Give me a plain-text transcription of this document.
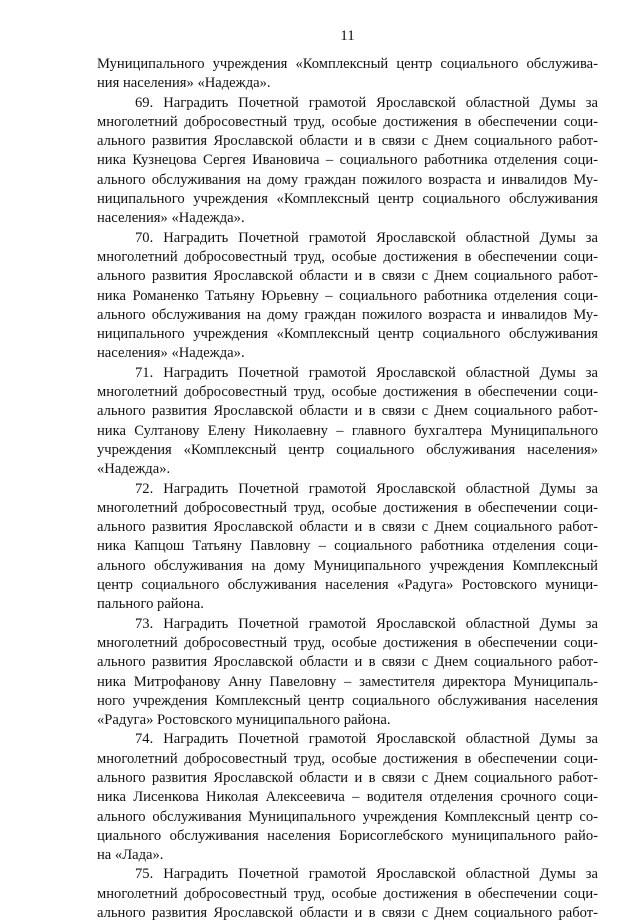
11
Муниципального учреждения «Комплексный центр социального обслужива-
ния населения» «Надежда».
69. Наградить Почетной грамотой Ярославской областной Думы за
многолетний добросовестный труд, особые достижения в обеспечении соци-
ального развития Ярославской области и в связи с Днем социального работ-
ника Кузнецова Сергея Ивановича – социального работника отделения соци-
ального обслуживания на дому граждан пожилого возраста и инвалидов Му-
ниципального учреждения «Комплексный центр социального обслуживания
населения» «Надежда».
70. Наградить Почетной грамотой Ярославской областной Думы за
многолетний добросовестный труд, особые достижения в обеспечении соци-
ального развития Ярославской области и в связи с Днем социального работ-
ника Романенко Татьяну Юрьевну – социального работника отделения соци-
ального обслуживания на дому граждан пожилого возраста и инвалидов Му-
ниципального учреждения «Комплексный центр социального обслуживания
населения» «Надежда».
71. Наградить Почетной грамотой Ярославской областной Думы за
многолетний добросовестный труд, особые достижения в обеспечении соци-
ального развития Ярославской области и в связи с Днем социального работ-
ника Султанову Елену Николаевну – главного бухгалтера Муниципального
учреждения «Комплексный центр социального обслуживания населения»
«Надежда».
72. Наградить Почетной грамотой Ярославской областной Думы за
многолетний добросовестный труд, особые достижения в обеспечении соци-
ального развития Ярославской области и в связи с Днем социального работ-
ника Капцош Татьяну Павловну – социального работника отделения соци-
ального обслуживания на дому Муниципального учреждения Комплексный
центр социального обслуживания населения «Радуга» Ростовского муници-
пального района.
73. Наградить Почетной грамотой Ярославской областной Думы за
многолетний добросовестный труд, особые достижения в обеспечении соци-
ального развития Ярославской области и в связи с Днем социального работ-
ника Митрофанову Анну Павеловну – заместителя директора Муниципаль-
ного учреждения Комплексный центр социального обслуживания населения
«Радуга» Ростовского муниципального района.
74. Наградить Почетной грамотой Ярославской областной Думы за
многолетний добросовестный труд, особые достижения в обеспечении соци-
ального развития Ярославской области и в связи с Днем социального работ-
ника Лисенкова Николая Алексеевича – водителя отделения срочного соци-
ального обслуживания Муниципального учреждения Комплексный центр со-
циального обслуживания населения Борисоглебского муниципального райо-
на «Лада».
75. Наградить Почетной грамотой Ярославской областной Думы за
многолетний добросовестный труд, особые достижения в обеспечении соци-
ального развития Ярославской области и в связи с Днем социального работ-
